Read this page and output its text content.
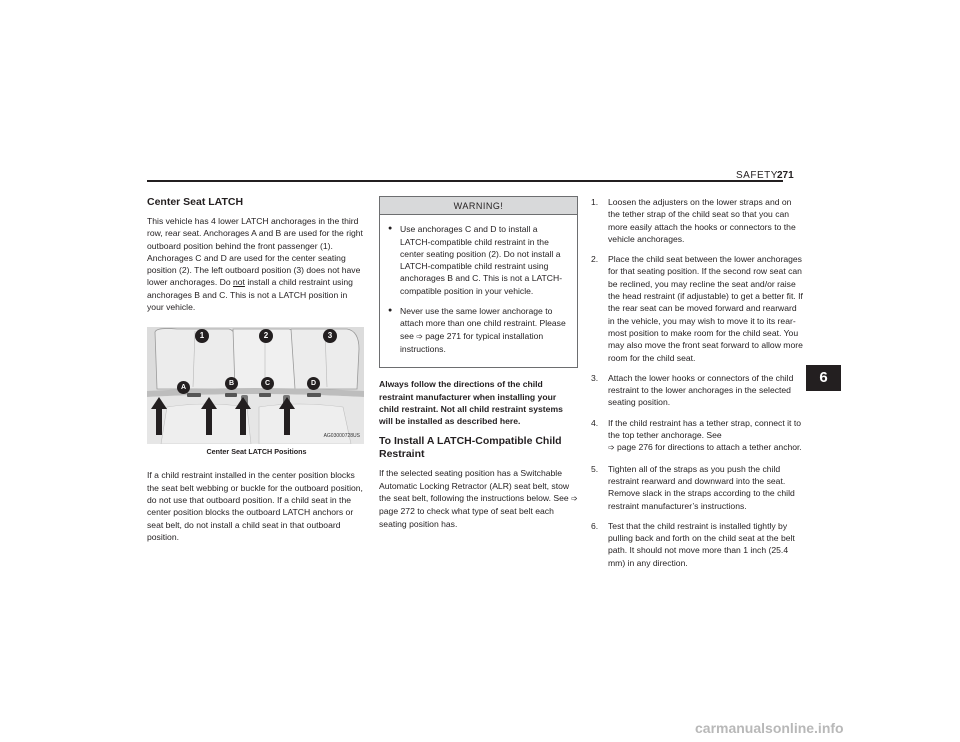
SAFETY 271
6
Center Seat LATCH

This vehicle has 4 lower LATCH anchorages in the third row, rear seat. Anchorages A and B are used for the right outboard position behind the front passenger (1). Anchorages C and D are used for the center seating position (2). The left outboard position (3) does not have lower anchorages. Do not install a child restraint using anchorages B and C. This is not a LATCH position in your vehicle.

1	2	3
A
B	C	D
AG03000728US
Center Seat LATCH Positions

If a child restraint installed in the center position blocks the seat belt webbing or buckle for the outboard position, do not use that outboard position. If a child seat in the center position blocks the outboard LATCH anchors or seat belt, do not install a child seat in that outboard position.

WARNING!
● Use anchorages C and D to install a LATCH-compatible child restraint in the center seating position (2). Do not install a LATCH-compatible child restraint using anchorages B and C. This is not a LATCH-compatible position in your vehicle.
● Never use the same lower anchorage to attach more than one child restraint. Please see ➩ page 271 for typical installation instructions.

Always follow the directions of the child restraint manufacturer when installing your child restraint. Not all child restraint systems will be installed as described here.

To Install A LATCH-Compatible Child Restraint

If the selected seating position has a Switchable Automatic Locking Retractor (ALR) seat belt, stow the seat belt, following the instructions below. See ➩ page 272 to check what type of seat belt each seating position has.

1. Loosen the adjusters on the lower straps and on the tether strap of the child seat so that you can more easily attach the hooks or connectors to the vehicle anchorages.
2. Place the child seat between the lower anchorages for that seating position. If the second row seat can be reclined, you may recline the seat and/or raise the head restraint (if adjustable) to get a better fit. If the rear seat can be moved forward and rearward in the vehicle, you may wish to move it to its rear-most position to make room for the child seat. You may also move the front seat forward to allow more room for the child seat.
3. Attach the lower hooks or connectors of the child restraint to the lower anchorages in the selected seating position.
4. If the child restraint has a tether strap, connect it to the top tether anchorage. See
➩ page 276 for directions to attach a tether anchor.
5. Tighten all of the straps as you push the child restraint rearward and downward into the seat. Remove slack in the straps according to the child restraint manufacturer’s instructions.
6. Test that the child restraint is installed tightly by pulling back and forth on the child seat at the belt path. It should not move more than 1 inch (25.4 mm) in any direction.
carmanualsonline.info
